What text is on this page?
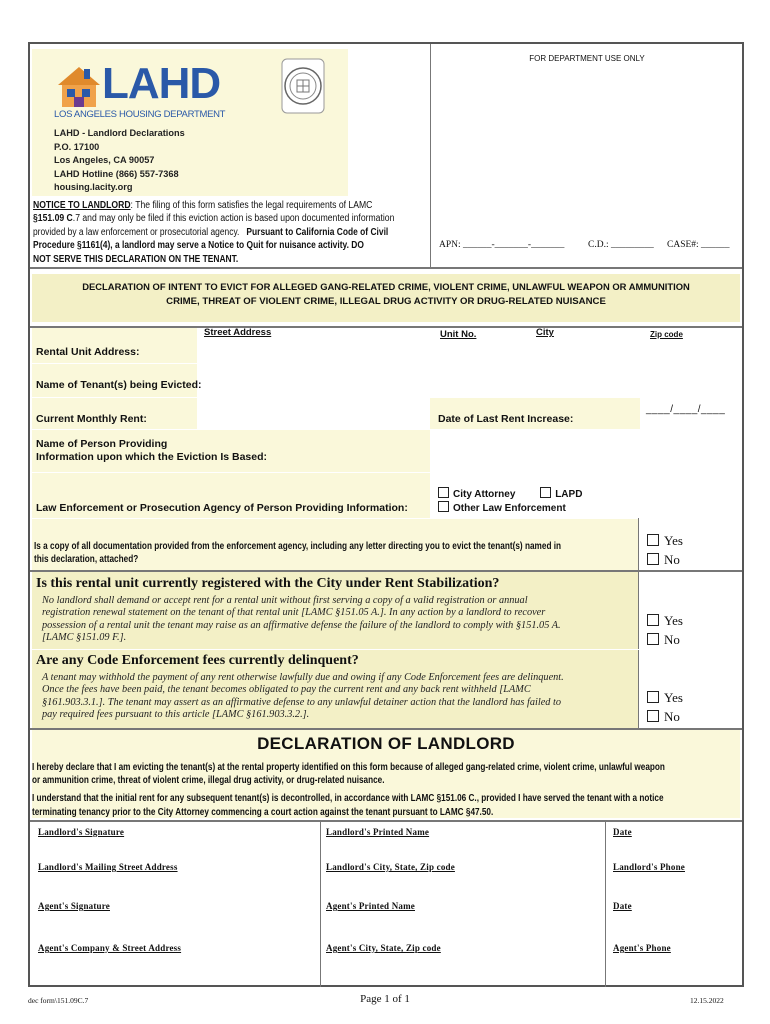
LAHD
LOS ANGELES HOUSING DEPARTMENT
LAHD - Landlord Declarations
P.O. 17100
Los Angeles, CA 90057
LAHD Hotline (866) 557-7368
housing.lacity.org
NOTICE TO LANDLORD: The filing of this form satisfies the legal requirements of LAMC
§151.09 C.7 and may only be filed if this eviction action is based upon documented information
provided by a law enforcement or prosecutorial agency. Pursuant to California Code of Civil
Procedure §1161(4), a landlord may serve a Notice to Quit for nuisance activity. DO
NOT SERVE THIS DECLARATION ON THE TENANT.
FOR DEPARTMENT USE ONLY
APN: ______-_______-_______ C.D.: _________ CASE#: ______
DECLARATION OF INTENT TO EVICT FOR ALLEGED GANG-RELATED CRIME, VIOLENT CRIME, UNLAWFUL WEAPON OR AMMUNITION
CRIME, THREAT OF VIOLENT CRIME, ILLEGAL DRUG ACTIVITY OR DRUG-RELATED NUISANCE
Street Address	Unit No.	City	Zip code
Rental Unit Address:
Name of Tenant(s) being Evicted:
Current Monthly Rent:	Date of Last Rent Increase:
____/____/____
Name of Person Providing
Information upon which the Eviction Is Based:
Law Enforcement or Prosecution Agency of Person Providing Information:
City Attorney	LAPD
Other Law Enforcement
Is a copy of all documentation provided from the enforcement agency, including any letter directing you to evict the tenant(s) named in
this declaration, attached?
Yes
No
Is this rental unit currently registered with the City under Rent Stabilization?
No landlord shall demand or accept rent for a rental unit without first serving a copy of a valid registration or annual
registration renewal statement on the tenant of that rental unit [LAMC §151.05 A.]. In any action by a landlord to recover
possession of a rental unit the tenant may raise as an affirmative defense the failure of the landlord to comply with §151.05 A.
[LAMC §151.09 F.].
Yes
No
Are any Code Enforcement fees currently delinquent?
A tenant may withhold the payment of any rent otherwise lawfully due and owing if any Code Enforcement fees are delinquent.
Once the fees have been paid, the tenant becomes obligated to pay the current rent and any back rent withheld [LAMC
§161.903.3.1.]. The tenant may assert as an affirmative defense to any unlawful detainer action that the landlord has failed to
pay required fees pursuant to this article [LAMC §161.903.3.2.].
Yes
No
DECLARATION OF LANDLORD
I hereby declare that I am evicting the tenant(s) at the rental property identified on this form because of alleged gang-related crime, violent crime, unlawful weapon
or ammunition crime, threat of violent crime, illegal drug activity, or drug-related nuisance.
I understand that the initial rent for any subsequent tenant(s) is decontrolled, in accordance with LAMC §151.06 C., provided I have served the tenant with a notice
terminating tenancy prior to the City Attorney commencing a court action against the tenant pursuant to LAMC §47.50.
Landlord's Signature	Landlord's Printed Name	Date
Landlord's Mailing Street Address	Landlord's City, State, Zip code	Landlord's Phone
Agent's Signature	Agent's Printed Name	Date
Agent's Company & Street Address	Agent's City, State, Zip code	Agent's Phone
dec form\151.09C.7	Page 1 of 1	12.15.2022
